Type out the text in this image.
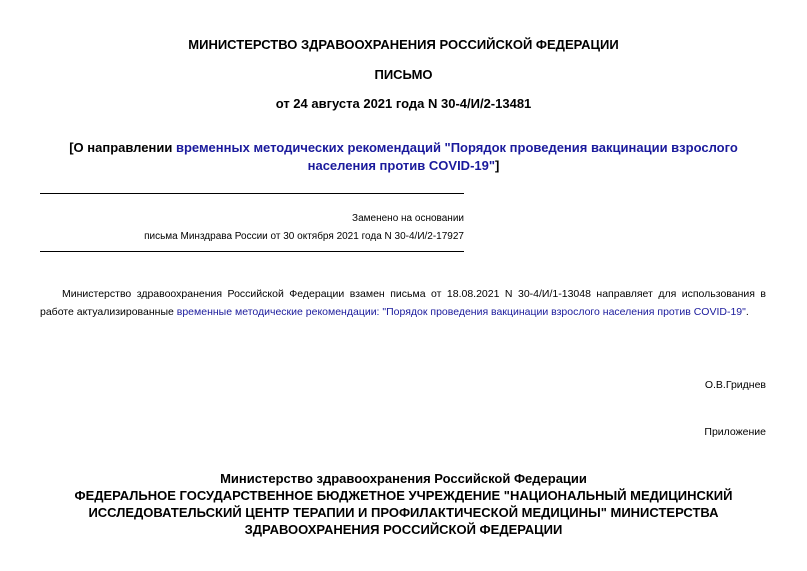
МИНИСТЕРСТВО ЗДРАВООХРАНЕНИЯ РОССИЙСКОЙ ФЕДЕРАЦИИ
ПИСЬМО
от 24 августа 2021 года N 30-4/И/2-13481
[О направлении временных методических рекомендаций "Порядок проведения вакцинации взрослого населения против COVID-19"]
Заменено на основании
письма Минздрава России от 30 октября 2021 года N 30-4/И/2-17927
Министерство здравоохранения Российской Федерации взамен письма от 18.08.2021 N 30-4/И/1-13048 направляет для использования в работе актуализированные временные методические рекомендации: "Порядок проведения вакцинации взрослого населения против COVID-19".
О.В.Гриднев
Приложение
Министерство здравоохранения Российской Федерации
ФЕДЕРАЛЬНОЕ ГОСУДАРСТВЕННОЕ БЮДЖЕТНОЕ УЧРЕЖДЕНИЕ "НАЦИОНАЛЬНЫЙ МЕДИЦИНСКИЙ
ИССЛЕДОВАТЕЛЬСКИЙ ЦЕНТР ТЕРАПИИ И ПРОФИЛАКТИЧЕСКОЙ МЕДИЦИНЫ" МИНИСТЕРСТВА
ЗДРАВООХРАНЕНИЯ РОССИЙСКОЙ ФЕДЕРАЦИИ
